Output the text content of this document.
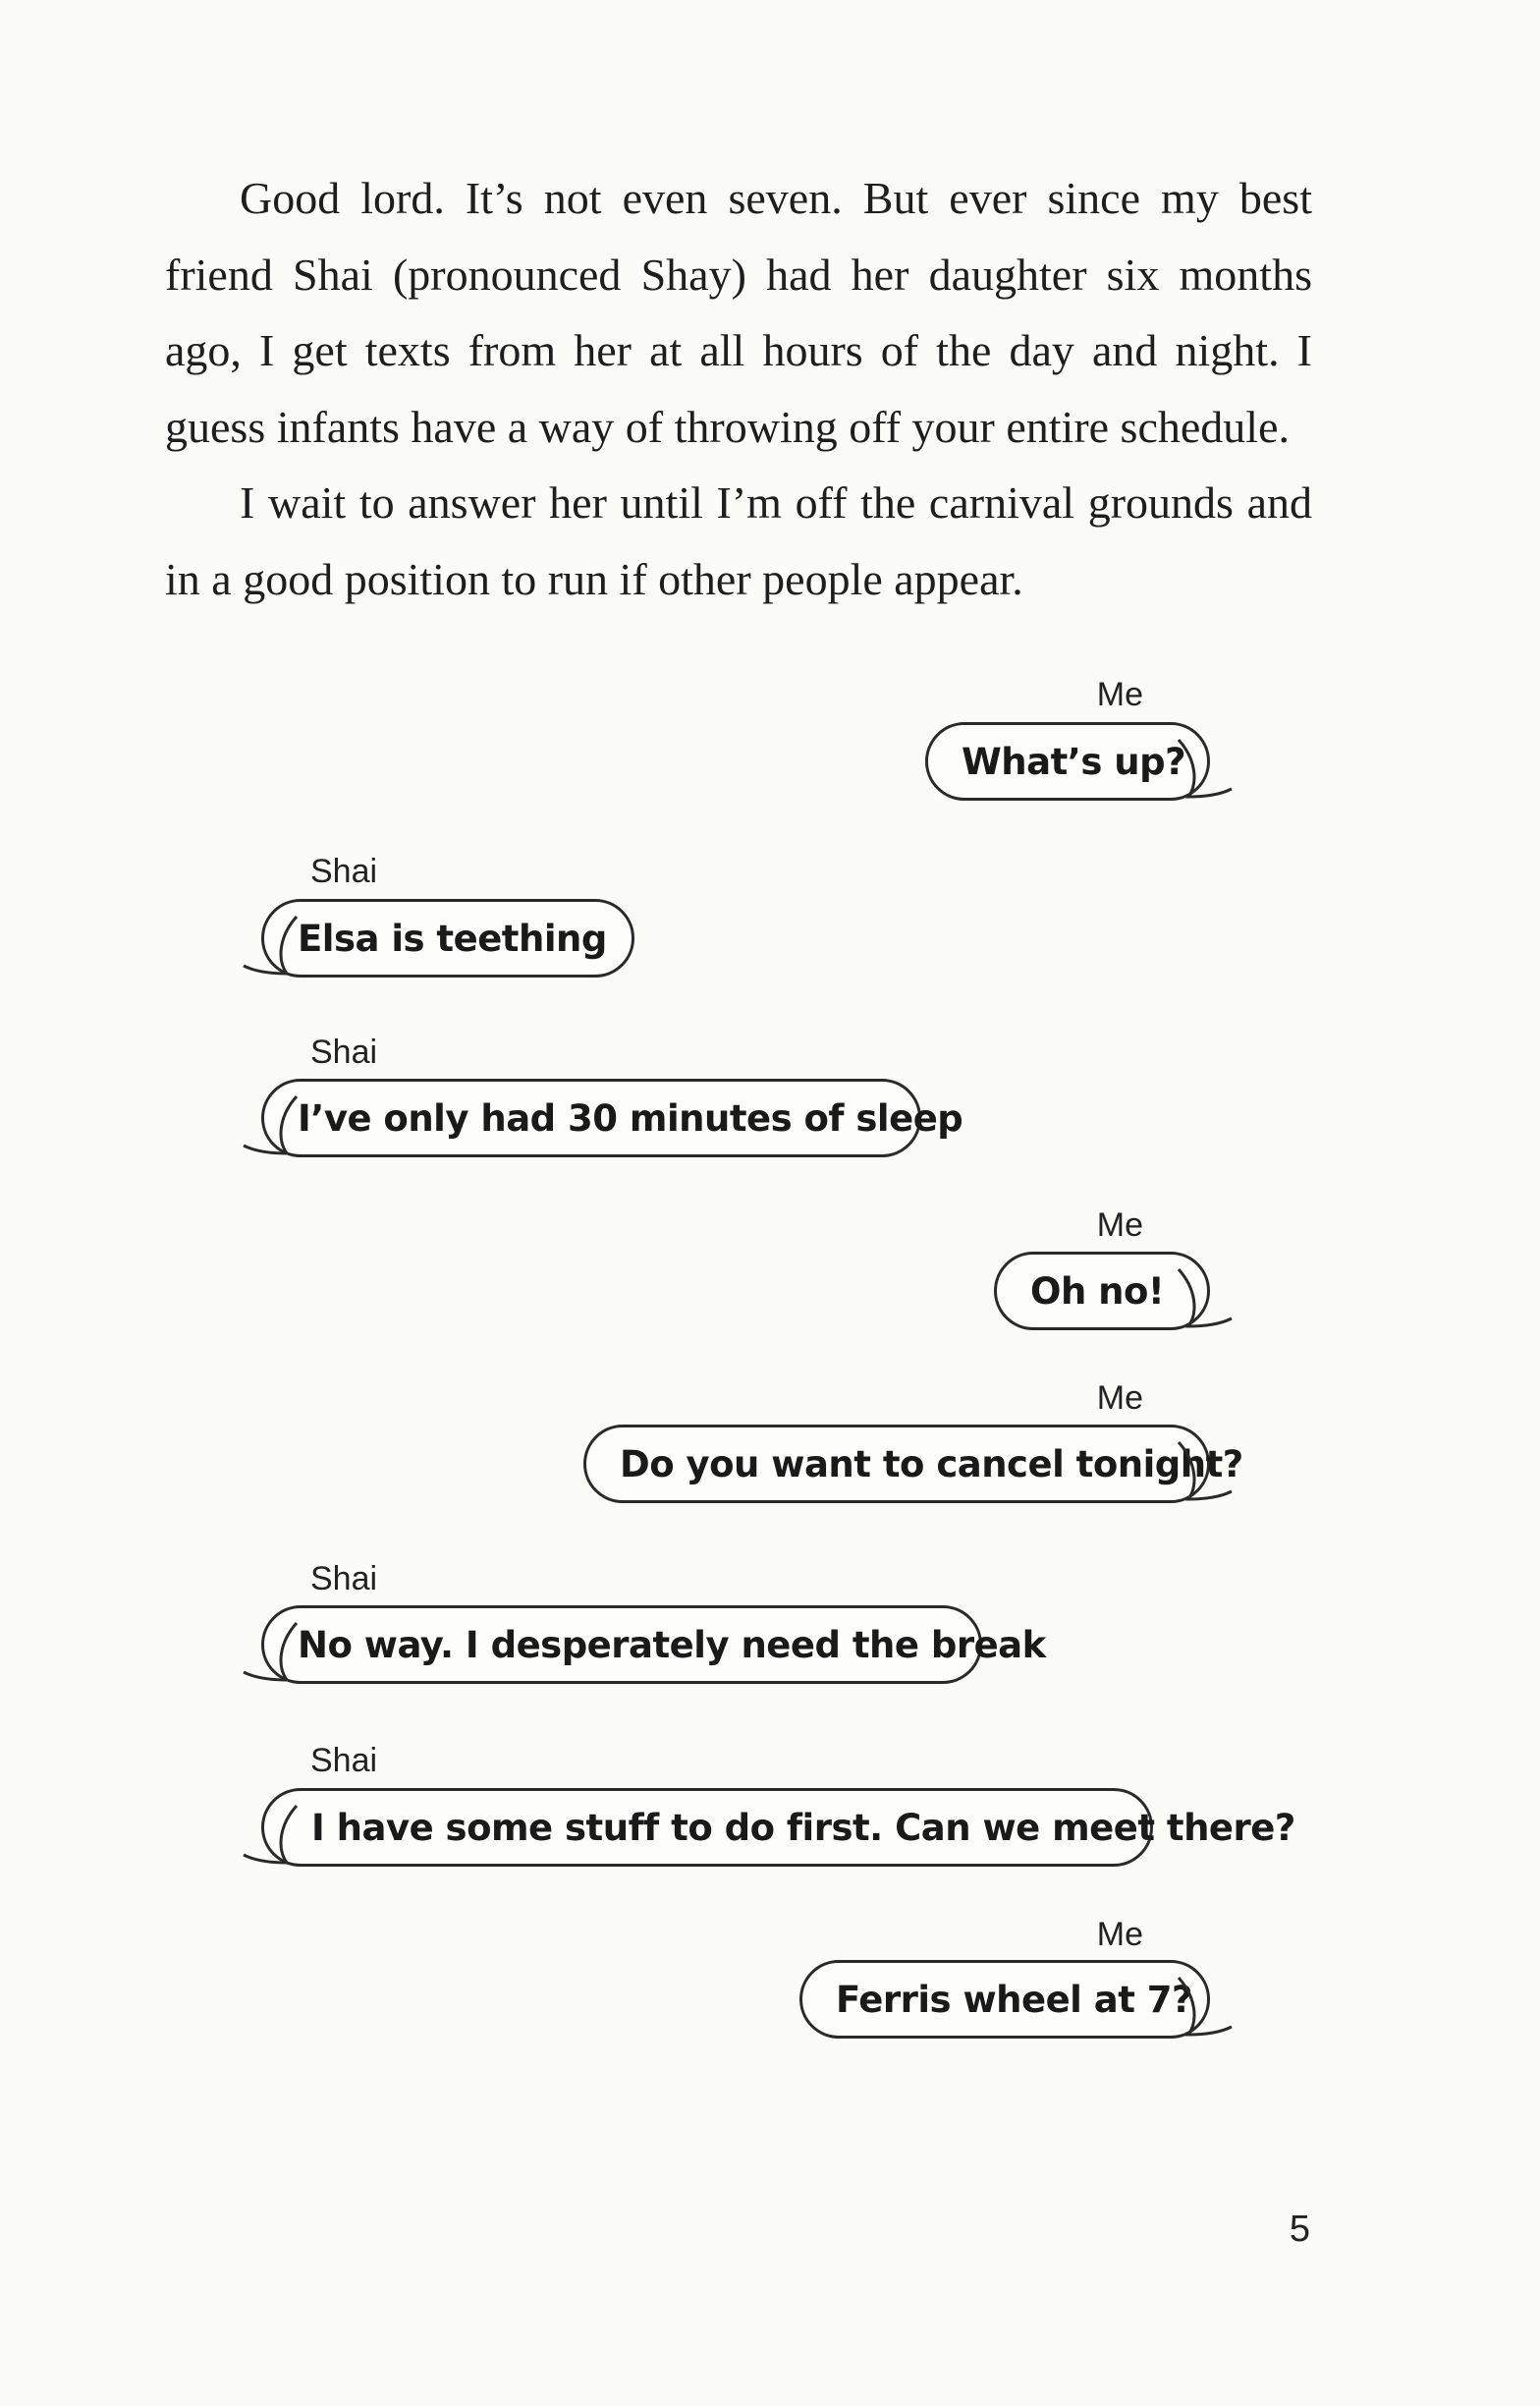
Good lord. It’s not even seven. But ever since my best friend Shai (pronounced Shay) had her daughter six months ago, I get texts from her at all hours of the day and night. I guess infants have a way of throwing off your entire schedule.

I wait to answer her until I’m off the carnival grounds and in a good position to run if other people appear.

Me
What’s up?
Shai
Elsa is teething
Shai
I’ve only had 30 minutes of sleep
Me
Oh no!
Me
Do you want to cancel tonight?
Shai
No way. I desperately need the break
Shai
I have some stuff to do first. Can we meet there?
Me
Ferris wheel at 7?
5
